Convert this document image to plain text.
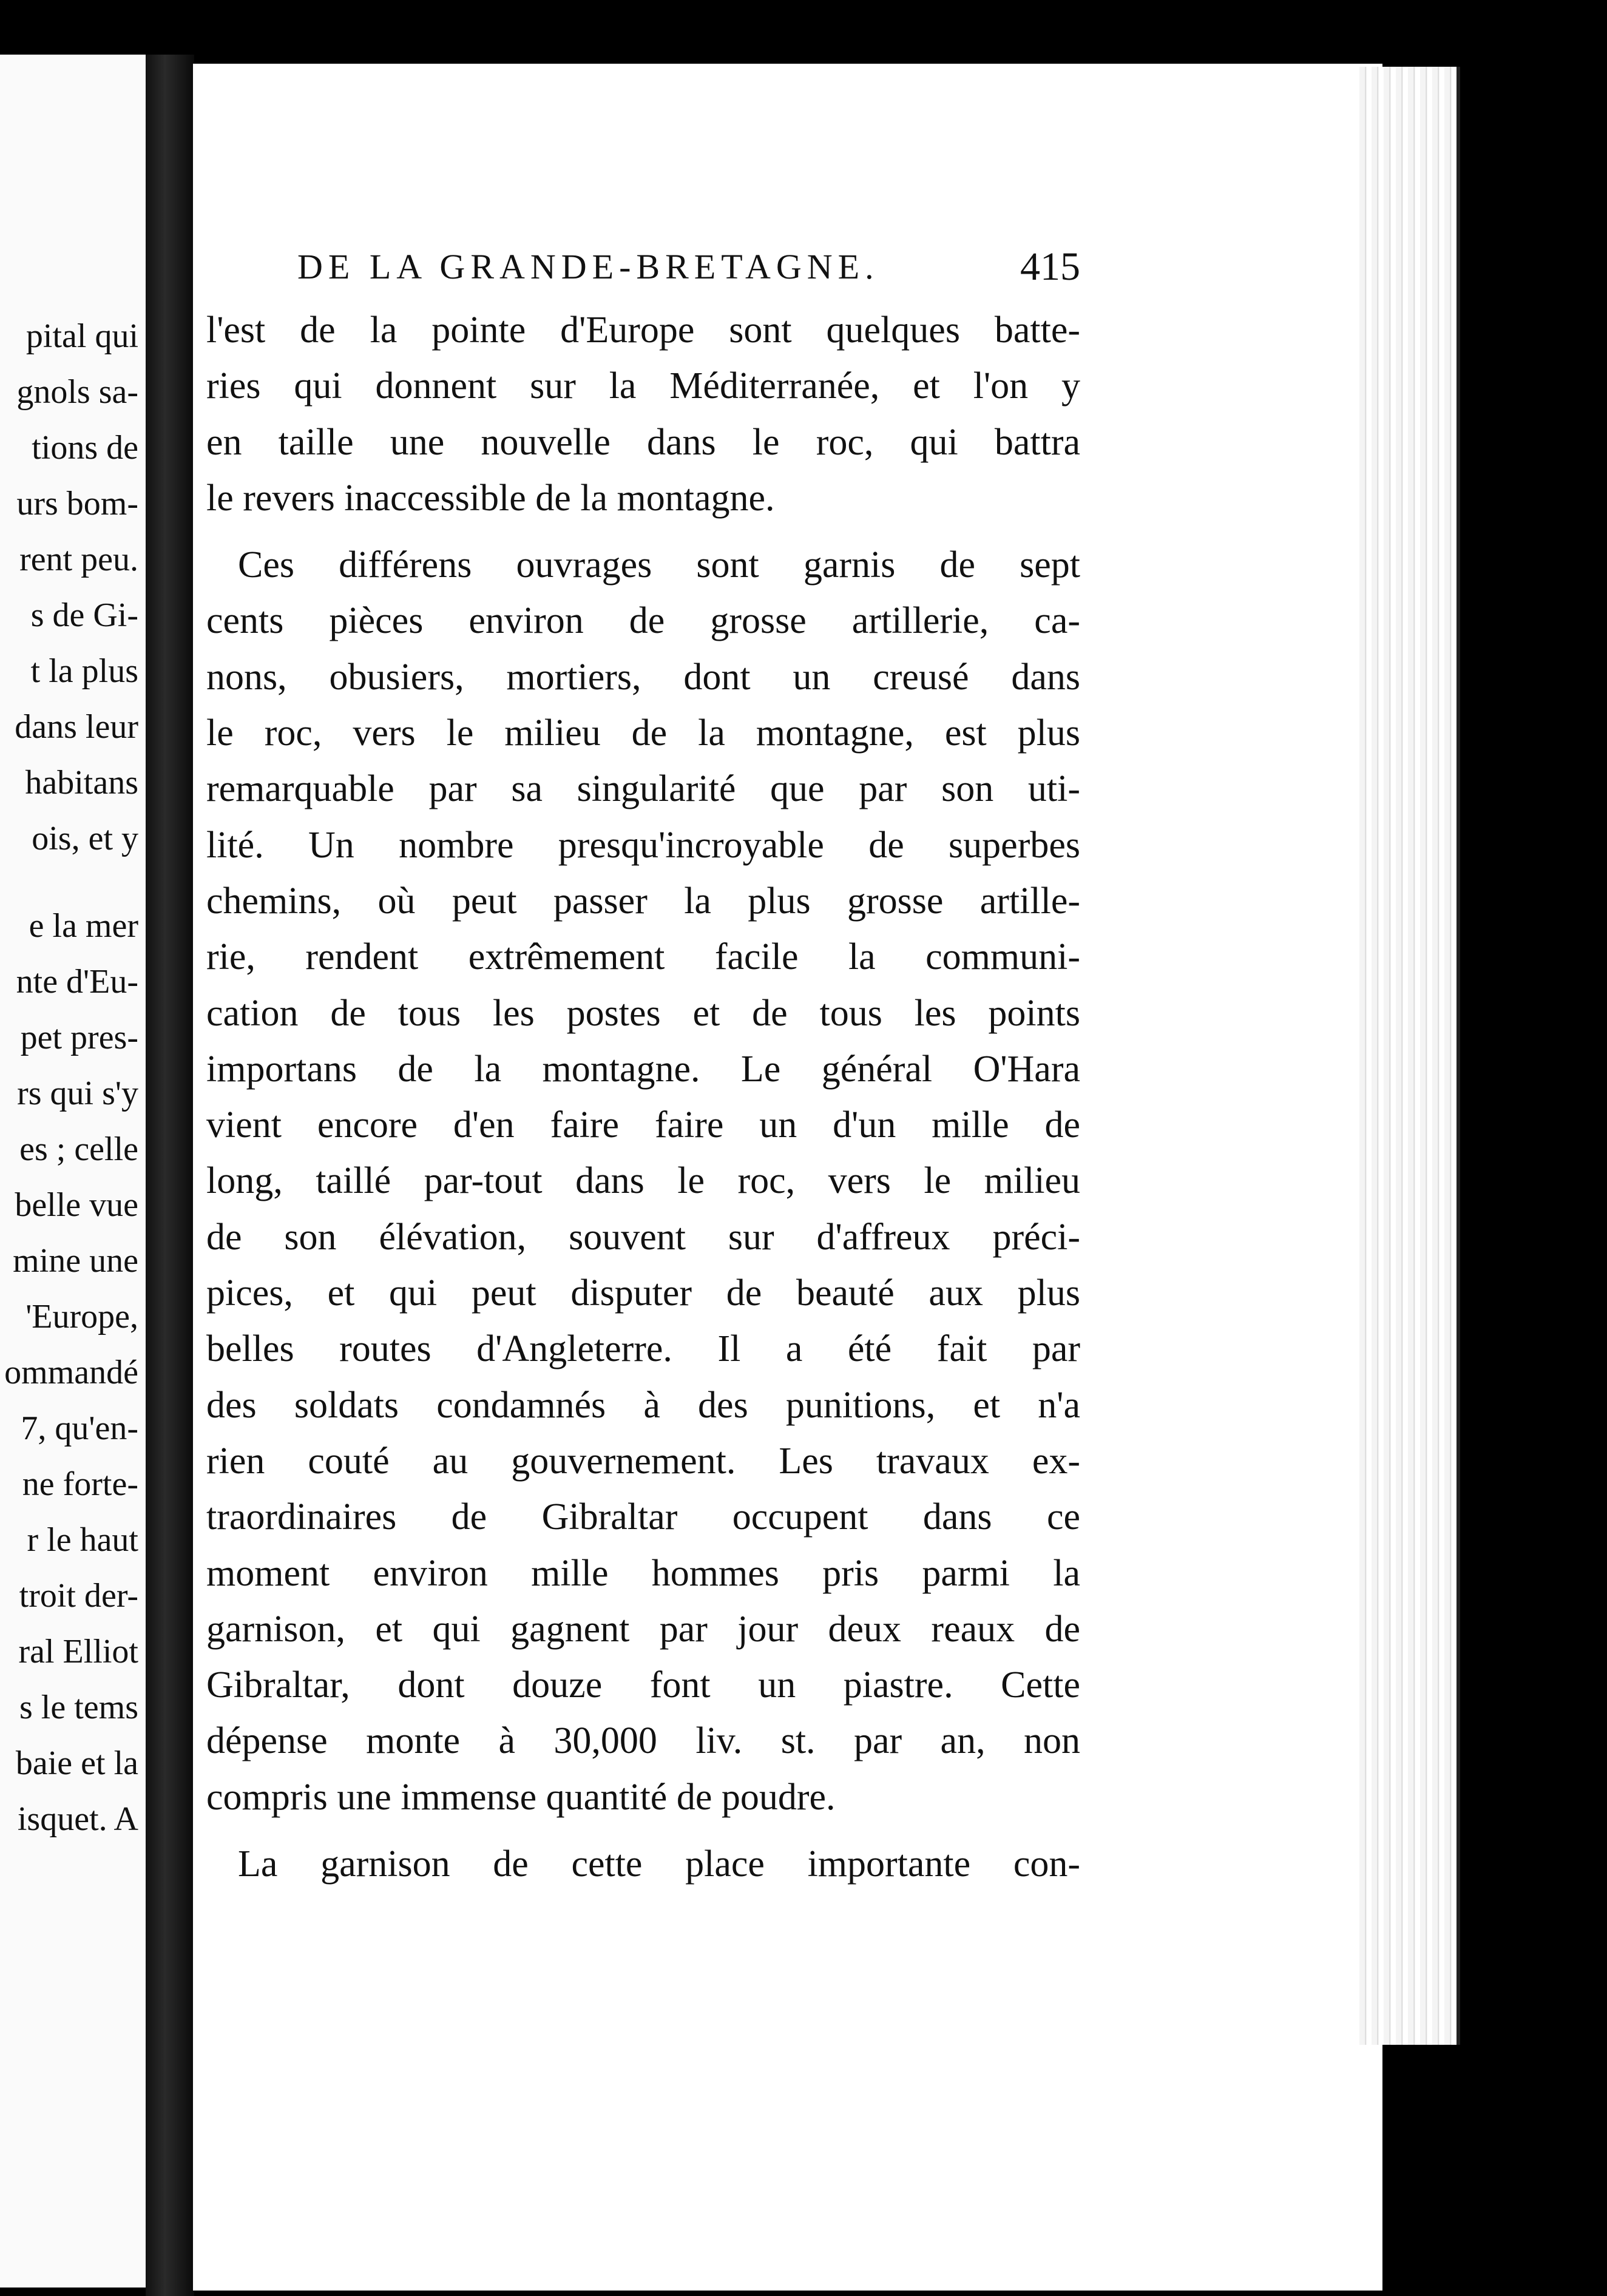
pital qui
gnols sa-
tions de
urs bom-
rent peu.
s de Gi-
t la plus
dans leur
habitans
ois, et y
e la mer
nte d'Eu-
pet pres-
rs qui s'y
es ; celle
belle vue
mine une
'Europe,
ommandé
7, qu'en-
ne forte-
r le haut
troit der-
ral Elliot
s le tems
baie et la
isquet. A
DE LA GRANDE-BRETAGNE.	415
l'est de la pointe d'Europe sont quelques batte-
ries qui donnent sur la Méditerranée, et l'on y
en taille une nouvelle dans le roc, qui battra
le revers inaccessible de la montagne.
Ces différens ouvrages sont garnis de sept
cents pièces environ de grosse artillerie, ca-
nons, obusiers, mortiers, dont un creusé dans
le roc, vers le milieu de la montagne, est plus
remarquable par sa singularité que par son uti-
lité. Un nombre presqu'incroyable de superbes
chemins, où peut passer la plus grosse artille-
rie, rendent extrêmement facile la communi-
cation de tous les postes et de tous les points
importans de la montagne. Le général O'Hara
vient encore d'en faire faire un d'un mille de
long, taillé par-tout dans le roc, vers le milieu
de son élévation, souvent sur d'affreux préci-
pices, et qui peut disputer de beauté aux plus
belles routes d'Angleterre. Il a été fait par
des soldats condamnés à des punitions, et n'a
rien couté au gouvernement. Les travaux ex-
traordinaires de Gibraltar occupent dans ce
moment environ mille hommes pris parmi la
garnison, et qui gagnent par jour deux reaux de
Gibraltar, dont douze font un piastre. Cette
dépense monte à 30,000 liv. st. par an, non
compris une immense quantité de poudre.
La garnison de cette place importante con-
